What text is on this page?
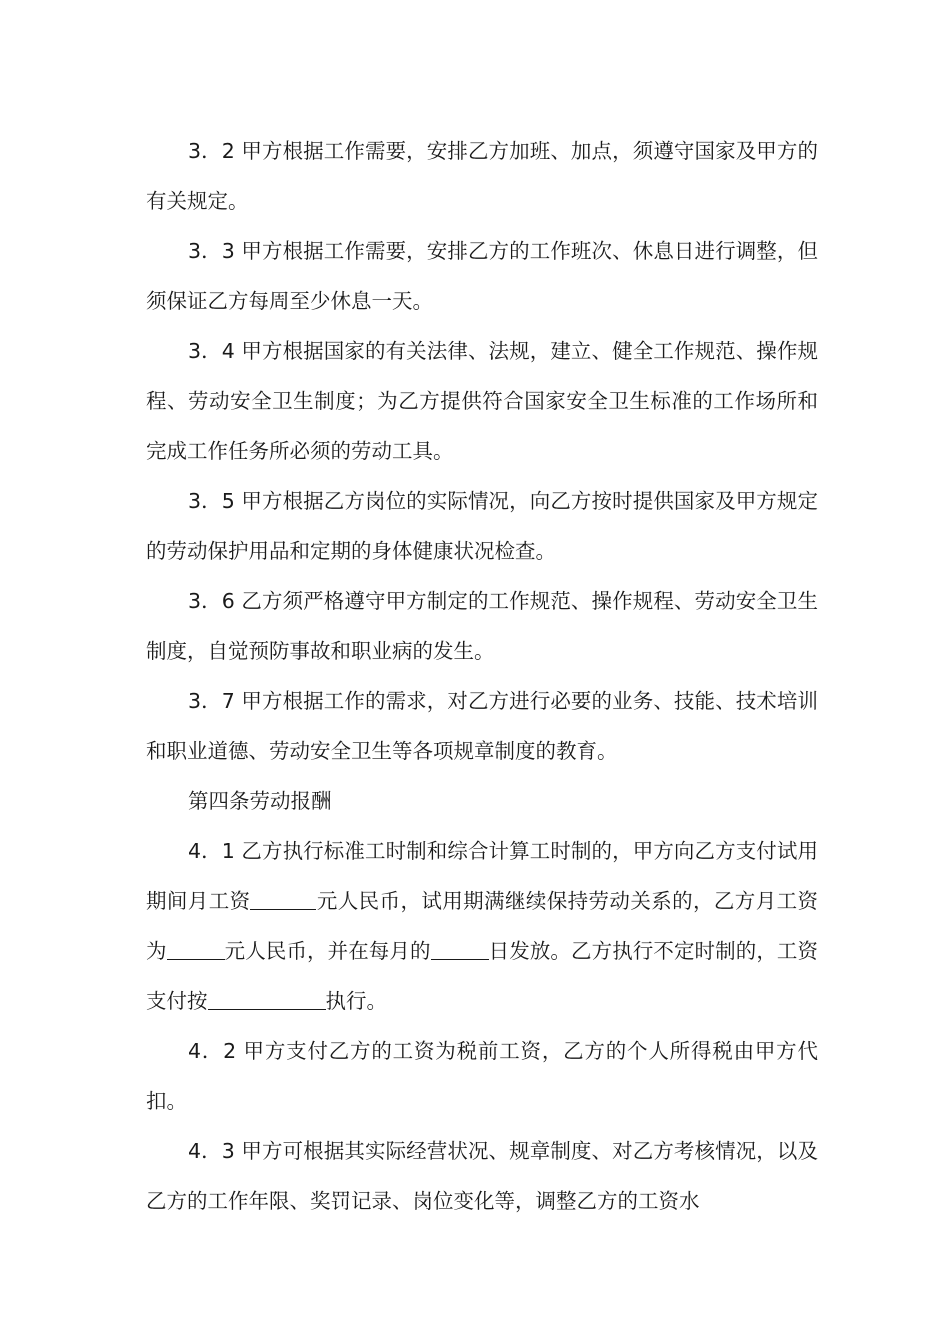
3．2 甲方根据工作需要，安排乙方加班、加点，须遵守国家及甲方的有关规定。

3．3 甲方根据工作需要，安排乙方的工作班次、休息日进行调整，但须保证乙方每周至少休息一天。

3．4 甲方根据国家的有关法律、法规，建立、健全工作规范、操作规程、劳动安全卫生制度；为乙方提供符合国家安全卫生标准的工作场所和完成工作任务所必须的劳动工具。

3．5 甲方根据乙方岗位的实际情况，向乙方按时提供国家及甲方规定的劳动保护用品和定期的身体健康状况检查。

3．6 乙方须严格遵守甲方制定的工作规范、操作规程、劳动安全卫生制度，自觉预防事故和职业病的发生。

3．7 甲方根据工作的需求，对乙方进行必要的业务、技能、技术培训和职业道德、劳动安全卫生等各项规章制度的教育。

第四条劳动报酬

4．1 乙方执行标准工时制和综合计算工时制的，甲方向乙方支付试用期间月工资	元人民币，试用期满继续保持劳动关系的，乙方月工资为	元人民币，并在每月的	日发放。乙方执行不定时制的，工资支付按	执行。

4．2 甲方支付乙方的工资为税前工资，乙方的个人所得税由甲方代扣。

4．3 甲方可根据其实际经营状况、规章制度、对乙方考核情况，以及乙方的工作年限、奖罚记录、岗位变化等，调整乙方的工资水
